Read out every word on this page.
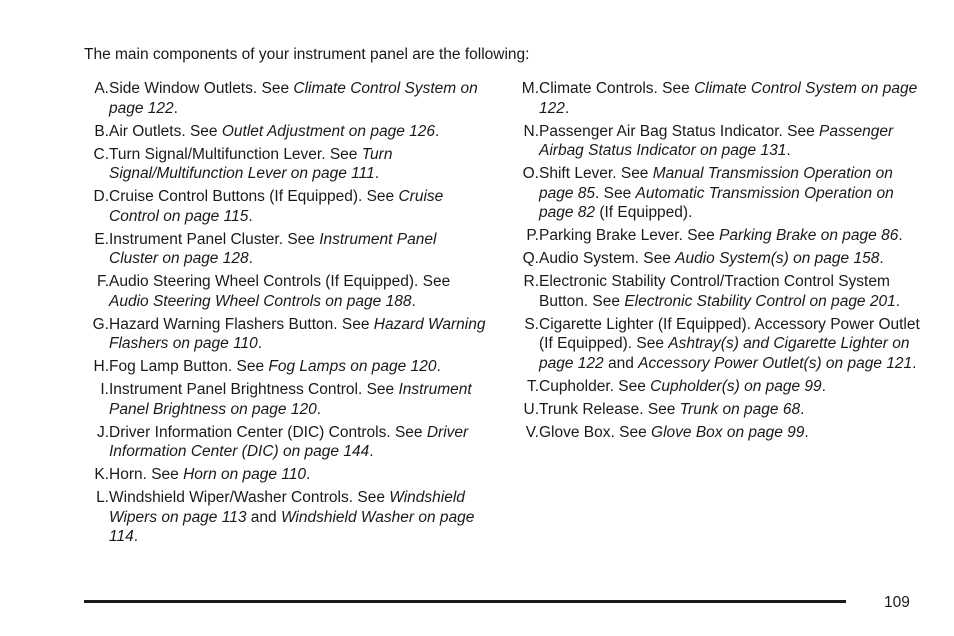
The main components of your instrument panel are the following:
A. Side Window Outlets. See Climate Control System on page 122.
B. Air Outlets. See Outlet Adjustment on page 126.
C. Turn Signal/Multifunction Lever. See Turn Signal/Multifunction Lever on page 111.
D. Cruise Control Buttons (If Equipped). See Cruise Control on page 115.
E. Instrument Panel Cluster. See Instrument Panel Cluster on page 128.
F. Audio Steering Wheel Controls (If Equipped). See Audio Steering Wheel Controls on page 188.
G. Hazard Warning Flashers Button. See Hazard Warning Flashers on page 110.
H. Fog Lamp Button. See Fog Lamps on page 120.
I. Instrument Panel Brightness Control. See Instrument Panel Brightness on page 120.
J. Driver Information Center (DIC) Controls. See Driver Information Center (DIC) on page 144.
K. Horn. See Horn on page 110.
L. Windshield Wiper/Washer Controls. See Windshield Wipers on page 113 and Windshield Washer on page 114.
M. Climate Controls. See Climate Control System on page 122.
N. Passenger Air Bag Status Indicator. See Passenger Airbag Status Indicator on page 131.
O. Shift Lever. See Manual Transmission Operation on page 85. See Automatic Transmission Operation on page 82 (If Equipped).
P. Parking Brake Lever. See Parking Brake on page 86.
Q. Audio System. See Audio System(s) on page 158.
R. Electronic Stability Control/Traction Control System Button. See Electronic Stability Control on page 201.
S. Cigarette Lighter (If Equipped). Accessory Power Outlet (If Equipped). See Ashtray(s) and Cigarette Lighter on page 122 and Accessory Power Outlet(s) on page 121.
T. Cupholder. See Cupholder(s) on page 99.
U. Trunk Release. See Trunk on page 68.
V. Glove Box. See Glove Box on page 99.
109
